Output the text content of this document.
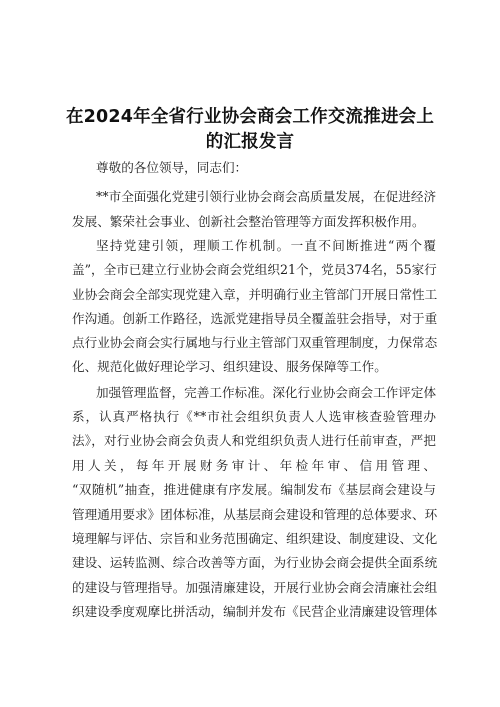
在2024年全省行业协会商会工作交流推进会上
的汇报发言
尊敬的各位领导，同志们：
**市全面强化党建引领行业协会商会高质量发展，在促进经济
发展、繁荣社会事业、创新社会整治管理等方面发挥积极作用。
坚持党建引领，理顺工作机制。一直不间断推进“两个覆
盖”，全市已建立行业协会商会党组织21个，党员374名，55家行
业协会商会全部实现党建入章，并明确行业主管部门开展日常性工
作沟通。创新工作路径，选派党建指导员全覆盖驻会指导，对于重
点行业协会商会实行属地与行业主管部门双重管理制度，力保常态
化、规范化做好理论学习、组织建设、服务保障等工作。
加强管理监督，完善工作标准。深化行业协会商会工作评定体
系，认真严格执行《**市社会组织负责人人选审核查验管理办
法》，对行业协会商会负责人和党组织负责人进行任前审查，严把
用人关，每年开展财务审计、年检年审、信用管理、
“双随机”抽查，推进健康有序发展。编制发布《基层商会建设与
管理通用要求》团体标准，从基层商会建设和管理的总体要求、环
境理解与评估、宗旨和业务范围确定、组织建设、制度建设、文化
建设、运转监测、综合改善等方面，为行业协会商会提供全面系统
的建设与管理指导。加强清廉建设，开展行业协会商会清廉社会组
织建设季度观摩比拼活动，编制并发布《民营企业清廉建设管理体
